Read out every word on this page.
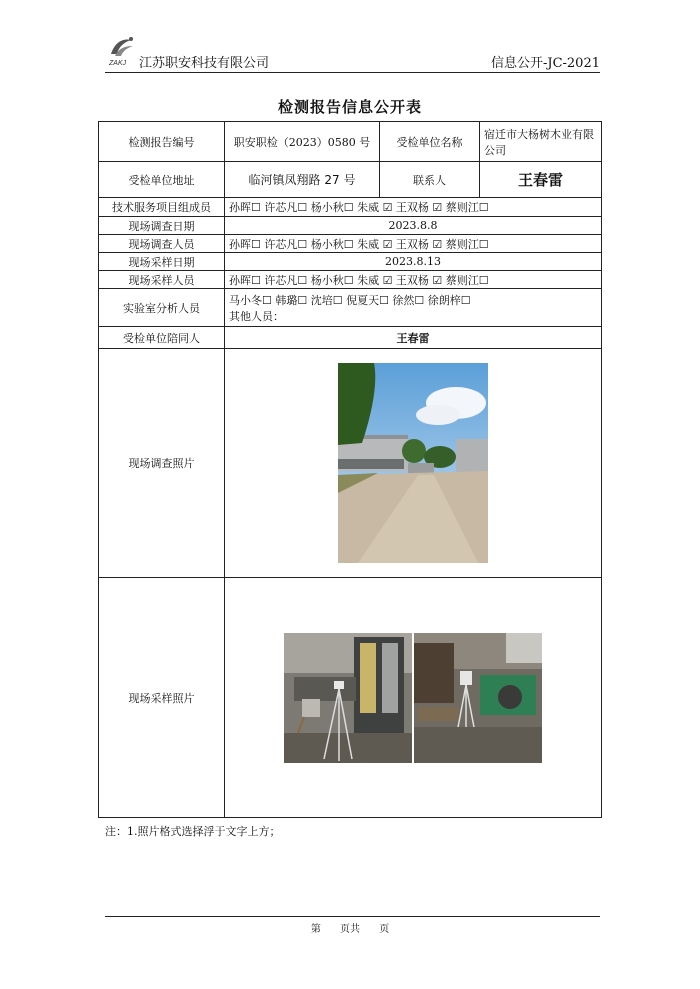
ZAKJ 江苏职安科技有限公司	信息公开-JC-2021
检测报告信息公开表
检测报告编号	职安职检（2023）0580 号	受检单位名称	宿迁市大杨树木业有限公司
受检单位地址	临河镇凤翔路 27 号	联系人	王春雷
技术服务项目组成员	孙晖☐ 许芯凡☐ 杨小秋☐ 朱威 ☑ 王双杨 ☑ 蔡则江☐		
现场调查日期	2023.8.8		
现场调查人员	孙晖☐ 许芯凡☐ 杨小秋☐ 朱威 ☑ 王双杨 ☑ 蔡则江☐		
现场采样日期	2023.8.13		
现场采样人员	孙晖☐ 许芯凡☐ 杨小秋☐ 朱威 ☑ 王双杨 ☑ 蔡则江☐		
实验室分析人员	马小冬☐ 韩璐☐ 沈培☐ 倪夏天☐ 徐然☐ 徐朗梓☐
其他人员：		

受检单位陪同人	王春雷		
现场调查照片	

现场采样照片	
注：1.照片格式选择浮于文字上方；
第 页共 页
